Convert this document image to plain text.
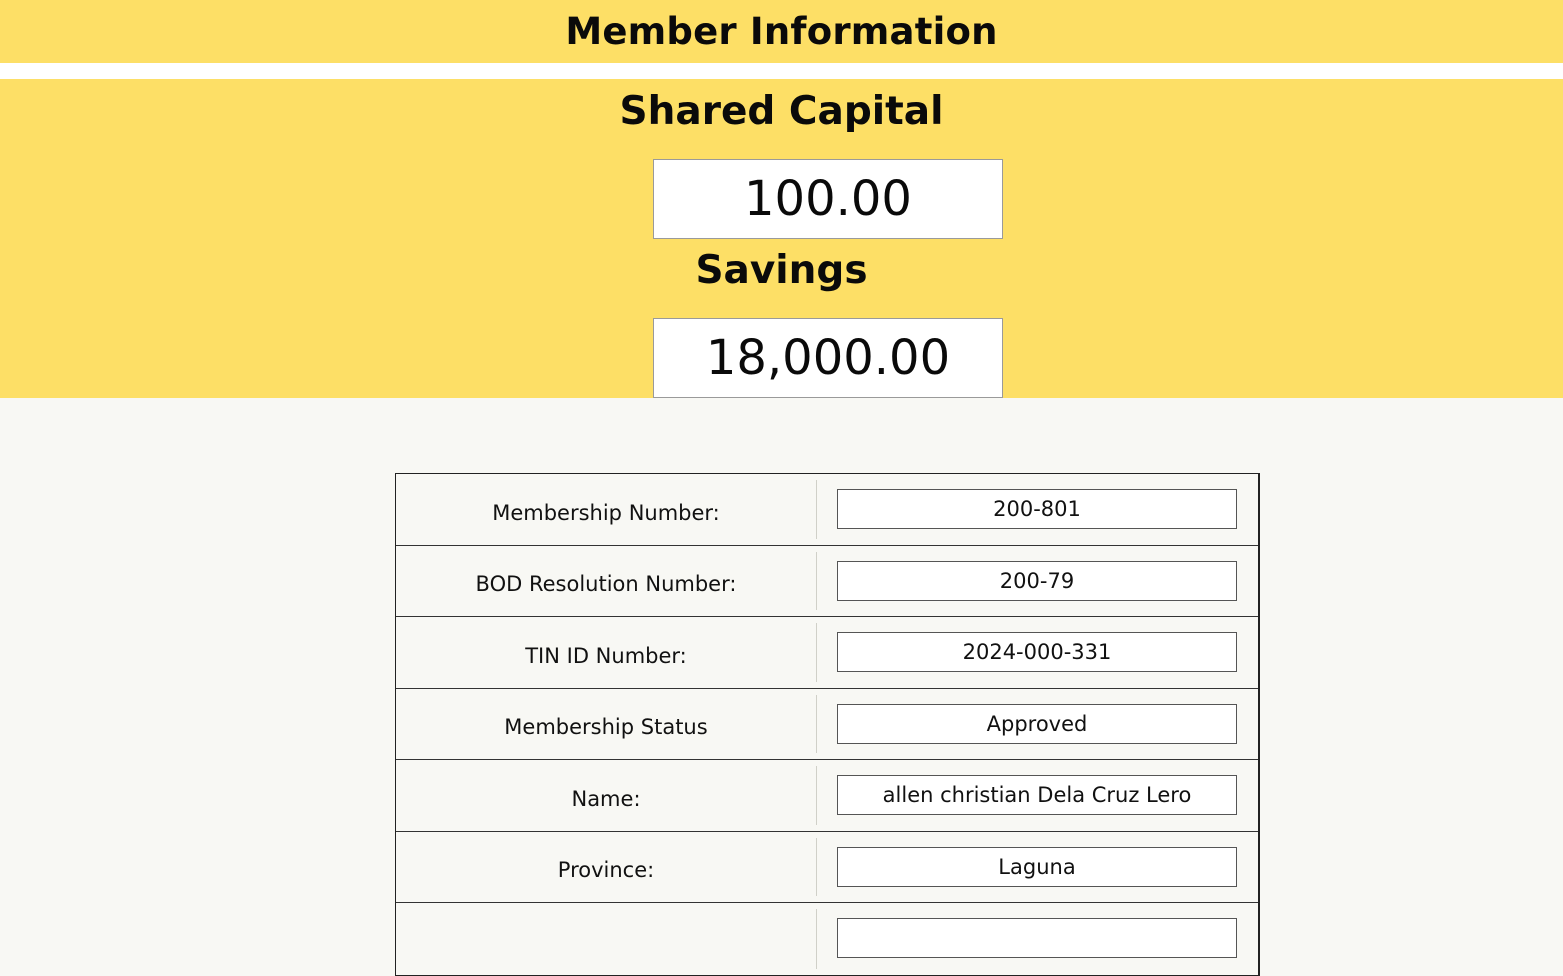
Member Information
Shared Capital
100.00
Savings
18,000.00
Membership Number:	200-801
BOD Resolution Number:	200-79
TIN ID Number:	2024-000-331
Membership Status	Approved
Name:	allen christian Dela Cruz Lero
Province:	Laguna
